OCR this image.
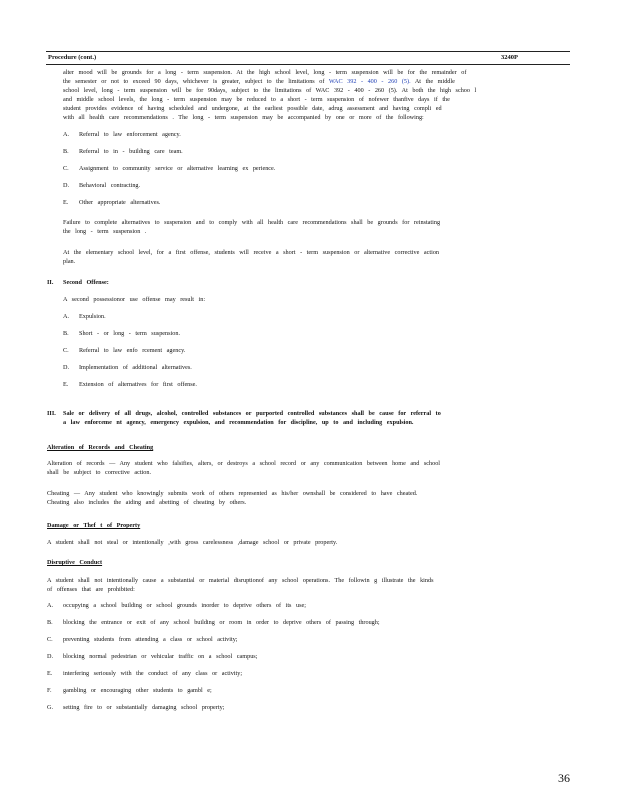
Procedure (cont.)	3240P
alter mood will be grounds for a long - term suspension. At the high school level, long - term suspension will be for the remainder of
the semester or not to exceed 90 days, whichever is greater, subject to the limitations of WAC 392 - 400 - 260 (5). At the middle
school level, long - term suspension will be for 90days, subject to the limitations of WAC 392 - 400 - 260 (5). At both the high schoo l
and middle school levels, the long - term suspension may be reduced to a short - term suspension of nofewer thanfive days if the
student provides evidence of having scheduled and undergone, at the earliest possible date, adrug assessment and having compli ed
with all health care recommendations . The long - term suspension may be accompanied by one or more of the following:
A. Referral to law enforcement agency.
B. Referral to in - building care team.
C. Assignment to community service or alternative learning ex perience.
D. Behavioral contracting.
E. Other appropriate alternatives.
Failure to complete alternatives to suspension and to comply with all health care recommendations shall be grounds for reinstating
the long - term suspension .
At the elementary school level, for a first offense, students will receive a short - term suspension or alternative corrective action
plan.
II. Second Offense:
A second possessionor use offense may result in:
A. Expulsion.
B. Short - or long - term suspension.
C. Referral to law enfo rcement agency.
D. Implementation of additional alternatives.
E. Extension of alternatives for first offense.
III. Sale or delivery of all drugs, alcohol, controlled substances or purported controlled substances shall be cause for referral to
a law enforceme nt agency, emergency expulsion, and recommendation for discipline, up to and including expulsion.
Alteration of Records and Cheating
Alteration of records — Any student who falsifies, alters, or destroys a school record or any communication between home and school
shall be subject to corrective action.
Cheating — Any student who knowingly submits work of others represented as his/her ownshall be considered to have cheated.
Cheating also includes the aiding and abetting of cheating by others.
Damage or Thef t of Property
A student shall not steal or intentionally ,with gross carelessness ,damage school or private property.
Disruptive Conduct
A student shall not intentionally cause a substantial or material disruptionof any school operations. The followin g illustrate the kinds
of offenses that are prohibited:
A. occupying a school building or school grounds inorder to deprive others of its use;
B. blocking the entrance or exit of any school building or room in order to deprive others of passing through;
C. preventing students from attending a class or school activity;
D. blocking normal pedestrian or vehicular traffic on a school campus;
E. interfering seriously with the conduct of any class or activity;
F. gambling or encouraging other students to gambl e;
G. setting fire to or substantially damaging school property;
36
